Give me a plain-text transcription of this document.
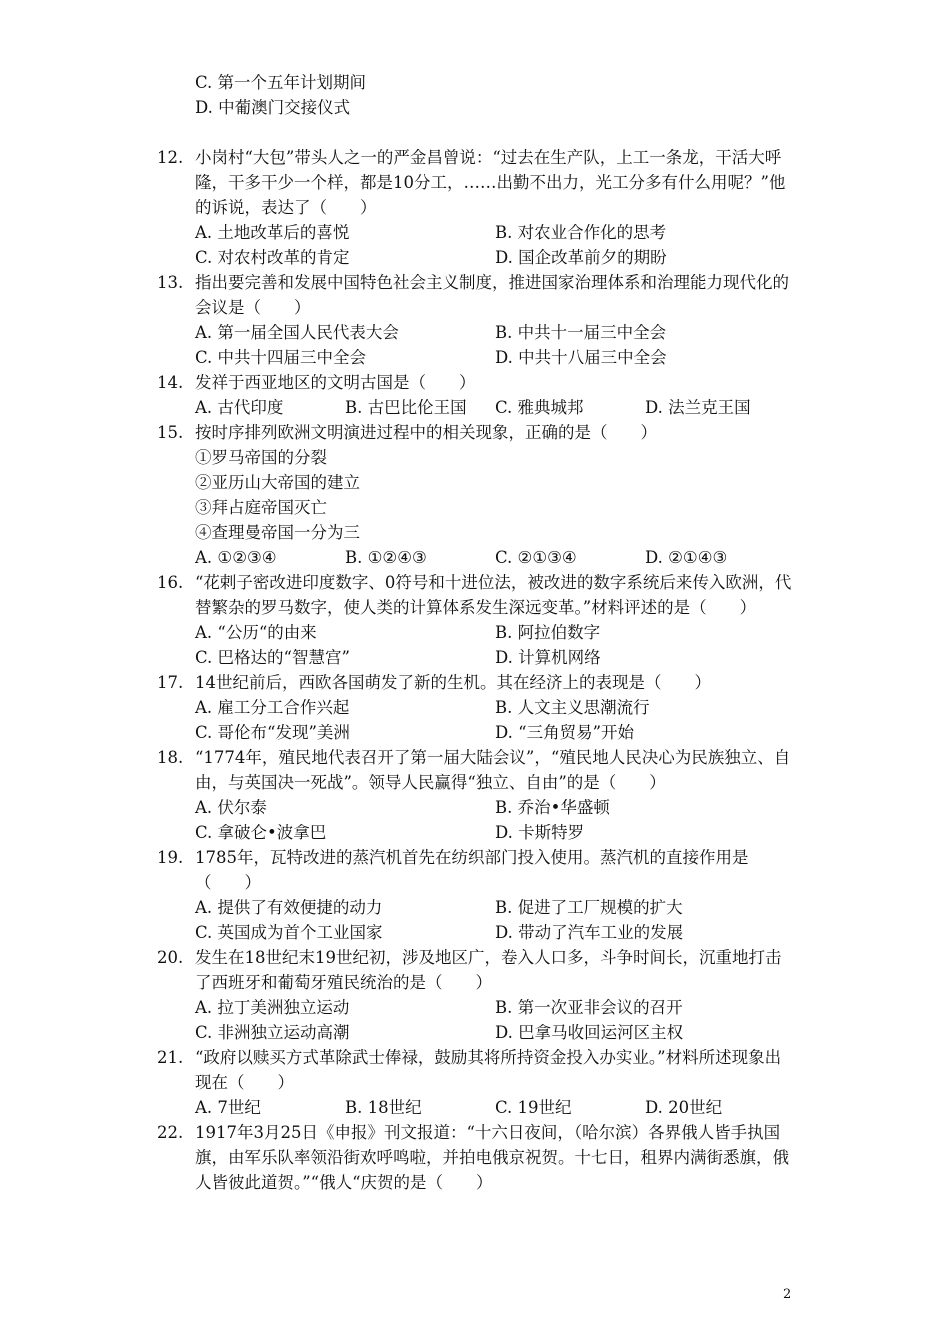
C. 第一个五年计划期间
D. 中葡澳门交接仪式
12. 小岗村“大包”带头人之一的严金昌曾说：“过去在生产队，上工一条龙，干活大呼隆，干多干少一个样，都是10分工，……出勤不出力，光工分多有什么用呢？”他的诉说，表达了（　　）
A. 土地改革后的喜悦	B. 对农业合作化的思考
C. 对农村改革的肯定	D. 国企改革前夕的期盼
13. 指出要完善和发展中国特色社会主义制度，推进国家治理体系和治理能力现代化的会议是（　　）
A. 第一届全国人民代表大会	B. 中共十一届三中全会
C. 中共十四届三中全会	D. 中共十八届三中全会
14. 发祥于西亚地区的文明古国是（　　）
A. 古代印度	B. 古巴比伦王国	C. 雅典城邦	D. 法兰克王国
15. 按时序排列欧洲文明演进过程中的相关现象，正确的是（　　）
①罗马帝国的分裂
②亚历山大帝国的建立
③拜占庭帝国灭亡
④查理曼帝国一分为三
A. ①②③④	B. ①②④③	C. ②①③④	D. ②①④③
16. “花剌子密改进印度数字、0符号和十进位法，被改进的数字系统后来传入欧洲，代替繁杂的罗马数字，使人类的计算体系发生深远变革。”材料评述的是（　　）
A. “公历“的由来	B. 阿拉伯数字
C. 巴格达的“智慧宫”	D. 计算机网络
17. 14世纪前后，西欧各国萌发了新的生机。其在经济上的表现是（　　）
A. 雇工分工合作兴起	B. 人文主义思潮流行
C. 哥伦布“发现”美洲	D. “三角贸易”开始
18. “1774年，殖民地代表召开了第一届大陆会议”，“殖民地人民决心为民族独立、自由，与英国决一死战”。领导人民赢得“独立、自由”的是（　　）
A. 伏尔泰	B. 乔治•华盛顿
C. 拿破仑•波拿巴	D. 卡斯特罗
19. 1785年，瓦特改进的蒸汽机首先在纺织部门投入使用。蒸汽机的直接作用是（　　）
A. 提供了有效便捷的动力	B. 促进了工厂规模的扩大
C. 英国成为首个工业国家	D. 带动了汽车工业的发展
20. 发生在18世纪末19世纪初，涉及地区广，卷入人口多，斗争时间长，沉重地打击了西班牙和葡萄牙殖民统治的是（　　）
A. 拉丁美洲独立运动	B. 第一次亚非会议的召开
C. 非洲独立运动高潮	D. 巴拿马收回运河区主权
21. “政府以赎买方式革除武士俸禄，鼓励其将所持资金投入办实业。”材料所述现象出现在（　　）
A. 7世纪	B. 18世纪	C. 19世纪	D. 20世纪
22. 1917年3月25日《申报》刊文报道：“十六日夜间，（哈尔滨）各界俄人皆手执国旗，由军乐队率领沿街欢呼鸣啦，并拍电俄京祝贺。十七日，租界内满街悉旗，俄人皆彼此道贺。”“俄人“庆贺的是（　　）
2
